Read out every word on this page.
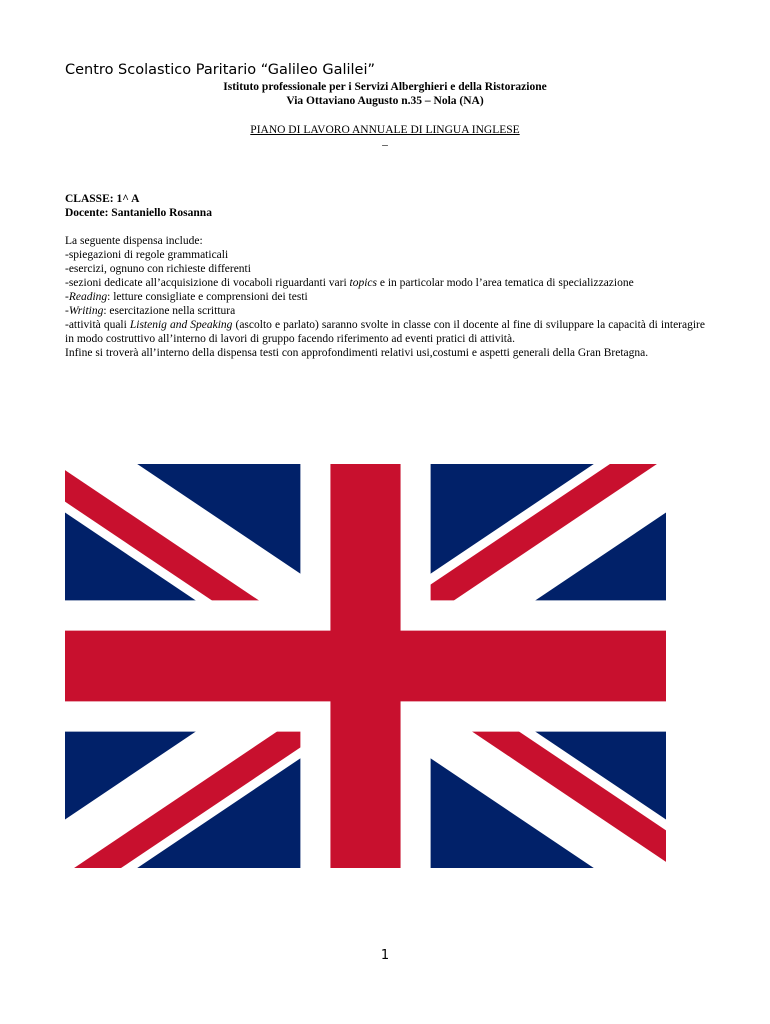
Centro Scolastico Paritario “Galileo Galilei”
Istituto professionale per i Servizi Alberghieri e della Ristorazione
Via Ottaviano Augusto n.35 – Nola (NA)
PIANO DI LAVORO ANNUALE DI LINGUA INGLESE
–
CLASSE: 1^ A
Docente: Santaniello Rosanna
La seguente dispensa include:
-spiegazioni di regole grammaticali
-esercizi, ognuno con richieste differenti
-sezioni dedicate all’acquisizione di vocaboli riguardanti vari topics e in particolar modo l’area tematica di specializzazione
-Reading: letture consigliate e comprensioni dei testi
-Writing: esercitazione nella scrittura
-attività quali Listenig and Speaking (ascolto e parlato) saranno svolte in classe con il docente al fine di sviluppare la capacità di interagire in modo costruttivo all’interno di lavori di gruppo facendo riferimento ad eventi pratici di attività.
Infine si troverà all’interno della dispensa testi con approfondimenti relativi usi,costumi e aspetti generali della Gran Bretagna.
1
